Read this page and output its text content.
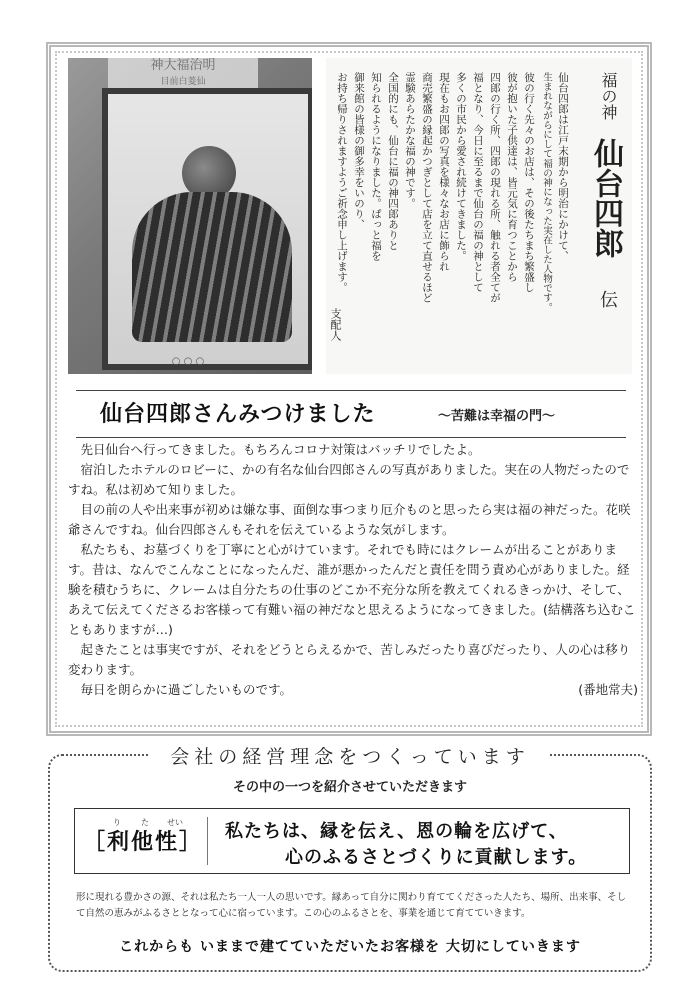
神大福治明
目前白菱仙
○ ○ ○
福の神
仙台四郎
伝
仙台四郎は江戸末期から明治にかけて、
生まれながらにして福の神になった実在した人物です。
彼の行く先々のお店は、その後たちまち繁盛し
彼が抱いた子供達は、皆元気に育つことから
四郎の行く所、四郎の現れる所、触れる者全てが
福となり、今日に至るまで仙台の福の神として
多くの市民から愛され続けてきました。
現在もお四郎の写真を様々なお店に飾られ
商売繁盛の縁起かつぎとして店を立て直せるほど
霊験あらたかな福の神です。
全国的にも、仙台に福の神四郎ありと
知られるようになりました。ぱっと福を
御来館の皆様の御多幸をいのり、
お持ち帰りされますようご祈念申し上げます。
支配人
仙台四郎さんみつけました	～苦難は幸福の門～

先日仙台へ行ってきました。もちろんコロナ対策はバッチリでしたよ。

宿泊したホテルのロビーに、かの有名な仙台四郎さんの写真がありました。実在の人物だったのですね。私は初めて知りました。

目の前の人や出来事が初めは嫌な事、面倒な事つまり厄介ものと思ったら実は福の神だった。花咲爺さんですね。仙台四郎さんもそれを伝えているような気がします。

私たちも、お墓づくりを丁寧にと心がけています。それでも時にはクレームが出ることがあります。昔は、なんでこんなことになったんだ、誰が悪かったんだと責任を問う責め心がありました。経験を積むうちに、クレームは自分たちの仕事のどこか不充分な所を教えてくれるきっかけ、そして、あえて伝えてくださるお客様って有難い福の神だなと思えるようになってきました。(結構落ち込むこともありますが…)

起きたことは事実ですが、それをどうとらえるかで、苦しみだったり喜びだったり、人の心は移り変わります。

毎日を朗らかに過ごしたいものです。	(番地常夫)
会社の経営理念をつくっています
その中の一つを紹介させていただきます
り	た せい
［利他性］ 私たちは、縁を伝え、恩の輪を広げて、
心のふるさとづくりに貢献します。
形に現れる豊かさの源、それは私たち一人一人の思いです。縁あって自分に関わり育ててくださった人たち、場所、出来事、そして自然の恵みがふるさととなって心に宿っています。この心のふるさとを、事業を通じて育てていきます。
これからも いままで建てていただいたお客様を 大切にしていきます
